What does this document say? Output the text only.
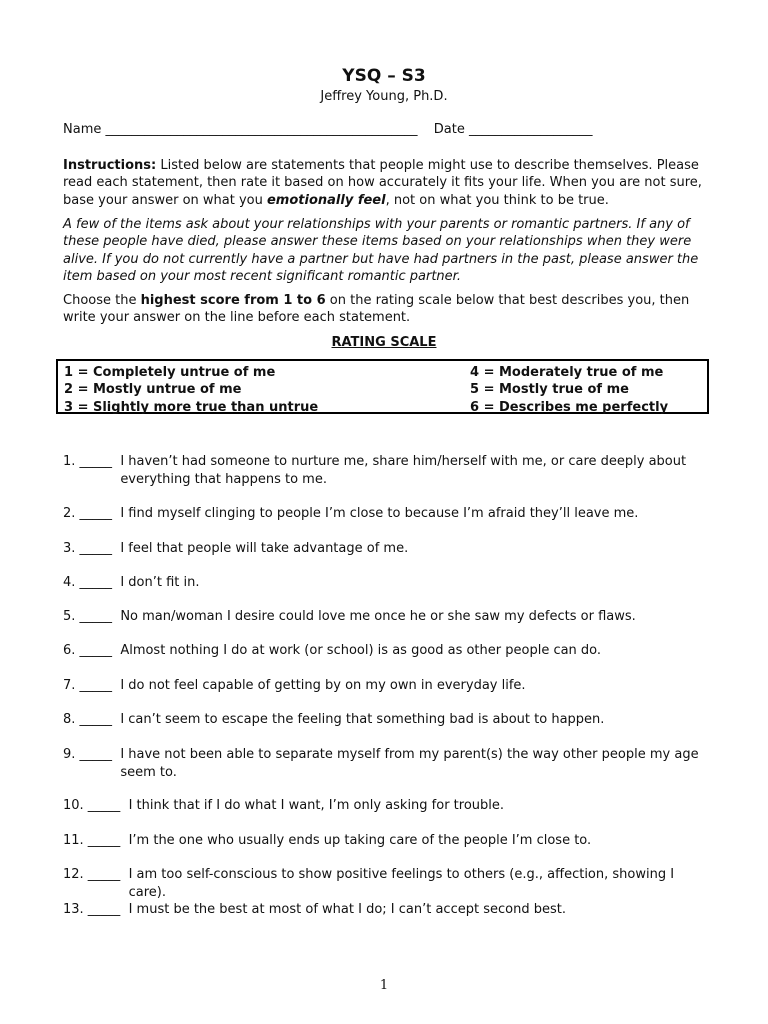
YSQ – S3
Jeffrey Young, Ph.D.
Name ________________________________________________ Date ___________________
Instructions: Listed below are statements that people might use to describe themselves. Please read each statement, then rate it based on how accurately it fits your life. When you are not sure, base your answer on what you emotionally feel, not on what you think to be true.
A few of the items ask about your relationships with your parents or romantic partners. If any of these people have died, please answer these items based on your relationships when they were alive. If you do not currently have a partner but have had partners in the past, please answer the item based on your most recent significant romantic partner.
Choose the highest score from 1 to 6 on the rating scale below that best describes you, then write your answer on the line before each statement.
RATING SCALE
1 = Completely untrue of me
2 = Mostly untrue of me
3 = Slightly more true than untrue
4 = Moderately true of me
5 = Mostly true of me
6 = Describes me perfectly
1. _____ I haven’t had someone to nurture me, share him/herself with me, or care deeply about everything that happens to me.
2. _____ I find myself clinging to people I’m close to because I’m afraid they’ll leave me.
3. _____ I feel that people will take advantage of me.
4. _____ I don’t fit in.
5. _____ No man/woman I desire could love me once he or she saw my defects or flaws.
6. _____ Almost nothing I do at work (or school) is as good as other people can do.
7. _____ I do not feel capable of getting by on my own in everyday life.
8. _____ I can’t seem to escape the feeling that something bad is about to happen.
9. _____ I have not been able to separate myself from my parent(s) the way other people my age seem to.
10. _____ I think that if I do what I want, I’m only asking for trouble.
11. _____ I’m the one who usually ends up taking care of the people I’m close to.
12. _____ I am too self-conscious to show positive feelings to others (e.g., affection, showing I care).
13. _____ I must be the best at most of what I do; I can’t accept second best.
1
